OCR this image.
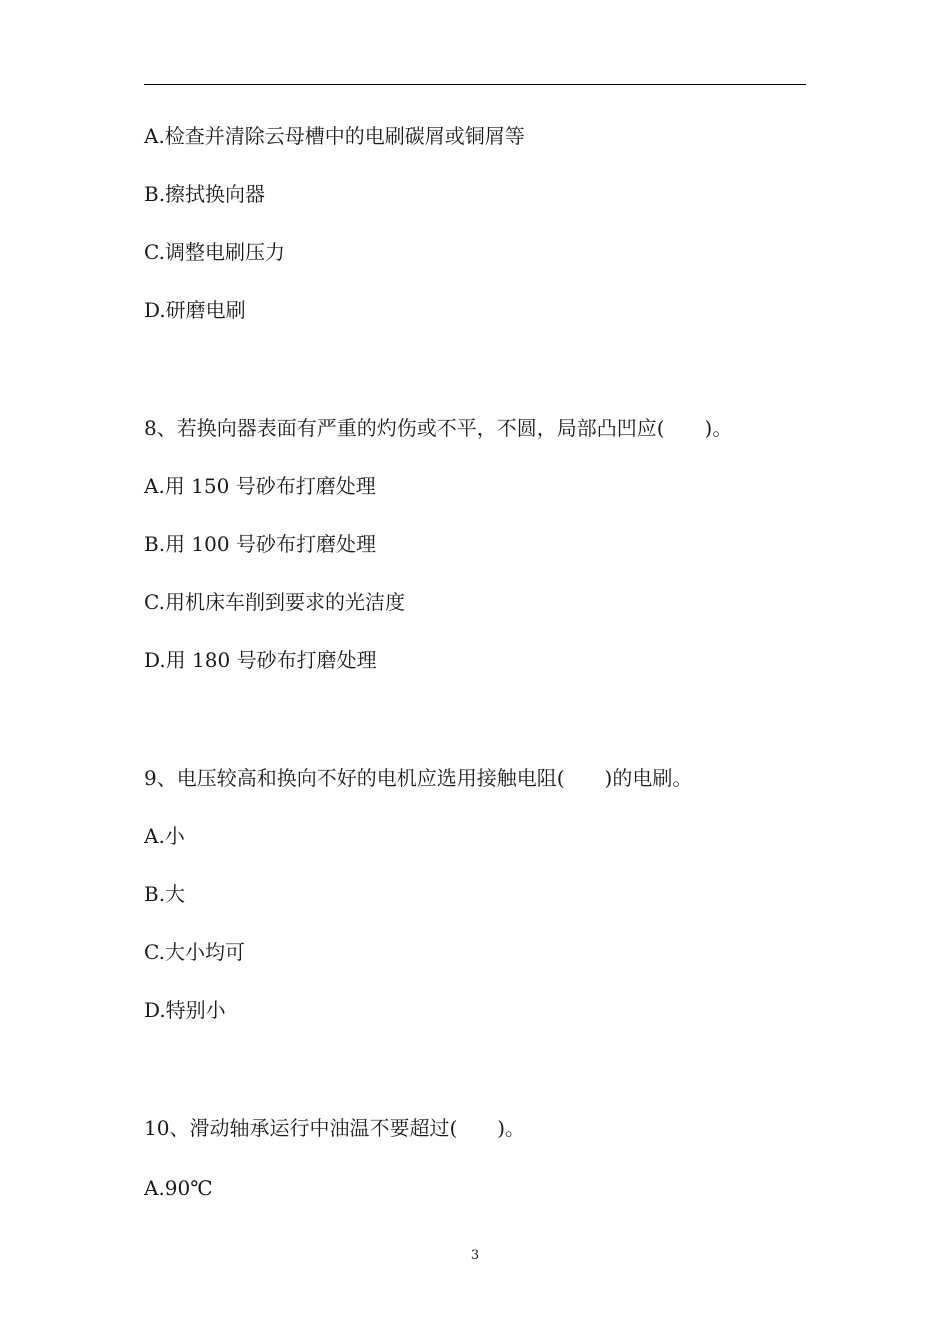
A.检查并清除云母槽中的电刷碳屑或铜屑等
B.擦拭换向器
C.调整电刷压力
D.研磨电刷
8、若换向器表面有严重的灼伤或不平，不圆，局部凸凹应(　　)。
A.用 150 号砂布打磨处理
B.用 100 号砂布打磨处理
C.用机床车削到要求的光洁度
D.用 180 号砂布打磨处理
9、电压较高和换向不好的电机应选用接触电阻(　　)的电刷。
A.小
B.大
C.大小均可
D.特别小
10、滑动轴承运行中油温不要超过(　　)。
A.90℃
3
